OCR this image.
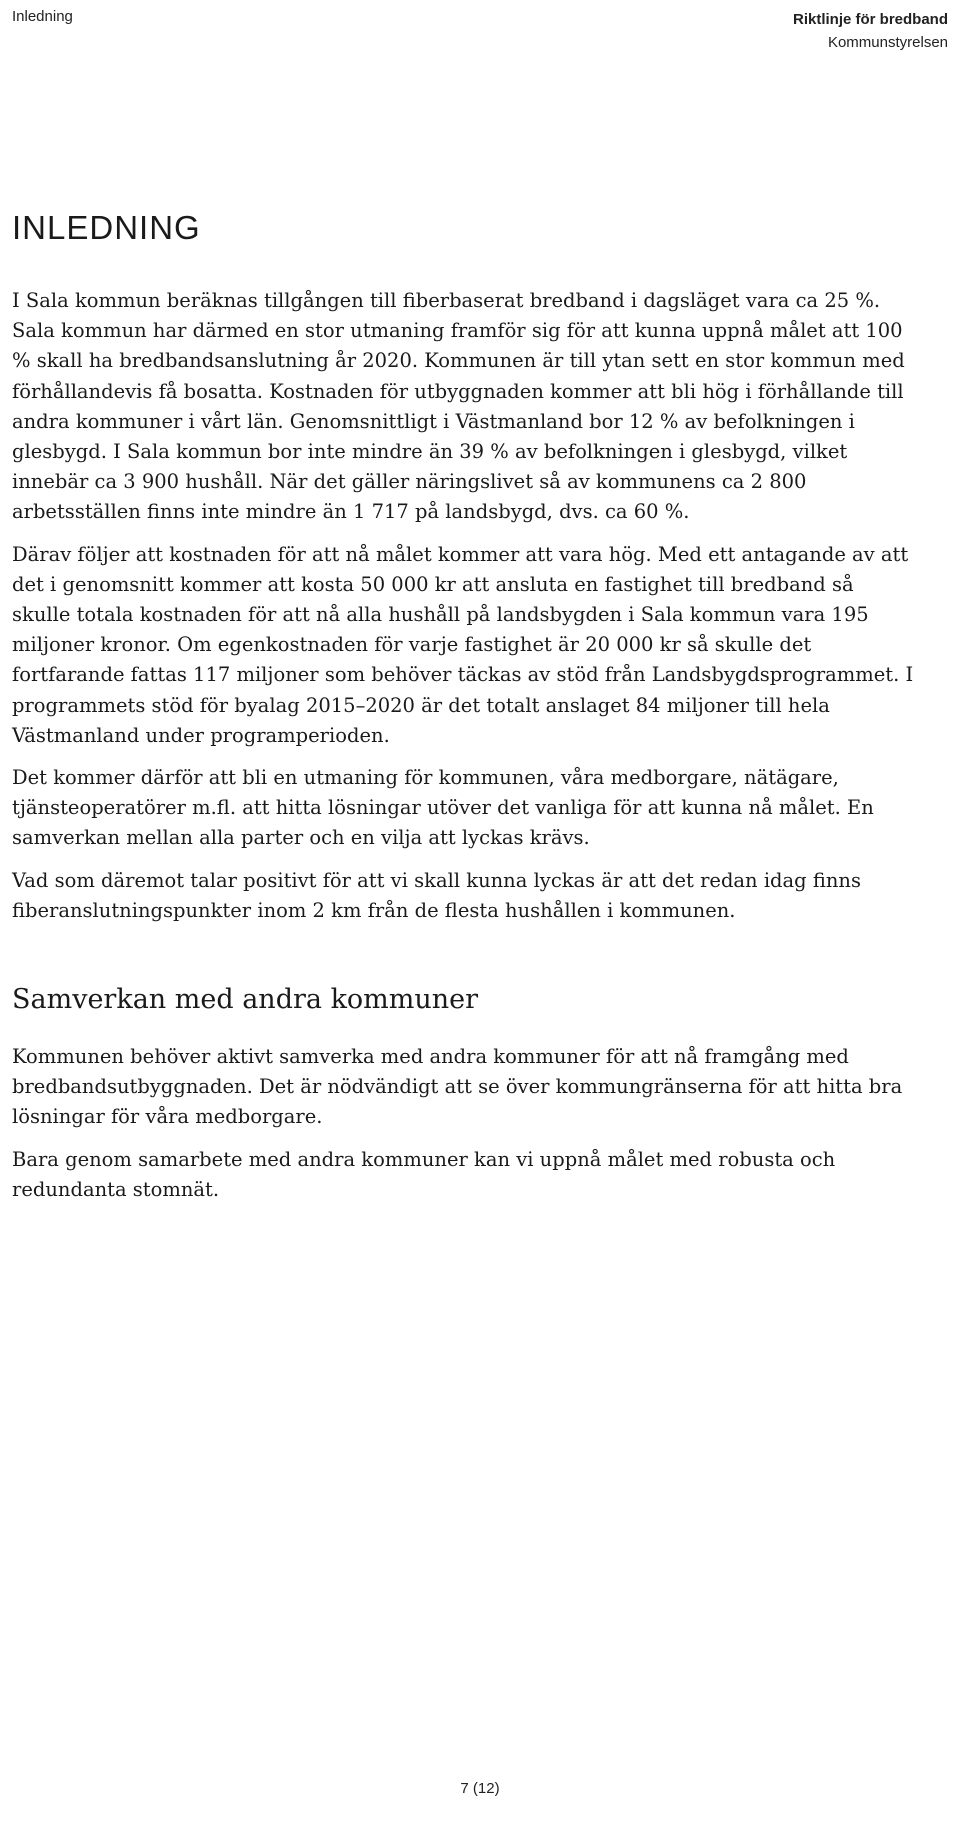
Inledning	Riktlinje för bredband
Kommunstyrelsen
INLEDNING

I Sala kommun beräknas tillgången till fiberbaserat bredband i dagsläget vara ca 25 %. Sala kommun har därmed en stor utmaning framför sig för att kunna uppnå målet att 100 % skall ha bredbandsanslutning år 2020. Kommunen är till ytan sett en stor kommun med förhållandevis få bosatta. Kostnaden för utbyggnaden kommer att bli hög i förhållande till andra kommuner i vårt län. Genomsnittligt i Västmanland bor 12 % av befolkningen i glesbygd. I Sala kommun bor inte mindre än 39 % av befolkningen i glesbygd, vilket innebär ca 3 900 hushåll. När det gäller näringslivet så av kommunens ca 2 800 arbetsställen finns inte mindre än 1 717 på landsbygd, dvs. ca 60 %.

Därav följer att kostnaden för att nå målet kommer att vara hög. Med ett antagande av att det i genomsnitt kommer att kosta 50 000 kr att ansluta en fastighet till bredband så skulle totala kostnaden för att nå alla hushåll på landsbygden i Sala kommun vara 195 miljoner kronor. Om egenkostnaden för varje fastighet är 20 000 kr så skulle det fortfarande fattas 117 miljoner som behöver täckas av stöd från Landsbygdsprogrammet. I programmets stöd för byalag 2015–2020 är det totalt anslaget 84 miljoner till hela Västmanland under programperioden.

Det kommer därför att bli en utmaning för kommunen, våra medborgare, nätägare, tjänsteoperatörer m.fl. att hitta lösningar utöver det vanliga för att kunna nå målet. En samverkan mellan alla parter och en vilja att lyckas krävs.

Vad som däremot talar positivt för att vi skall kunna lyckas är att det redan idag finns fiberanslutningspunkter inom 2 km från de flesta hushållen i kommunen.

Samverkan med andra kommuner

Kommunen behöver aktivt samverka med andra kommuner för att nå framgång med bredbandsutbyggnaden. Det är nödvändigt att se över kommungränserna för att hitta bra lösningar för våra medborgare.

Bara genom samarbete med andra kommuner kan vi uppnå målet med robusta och redundanta stomnät.

7 (12)
